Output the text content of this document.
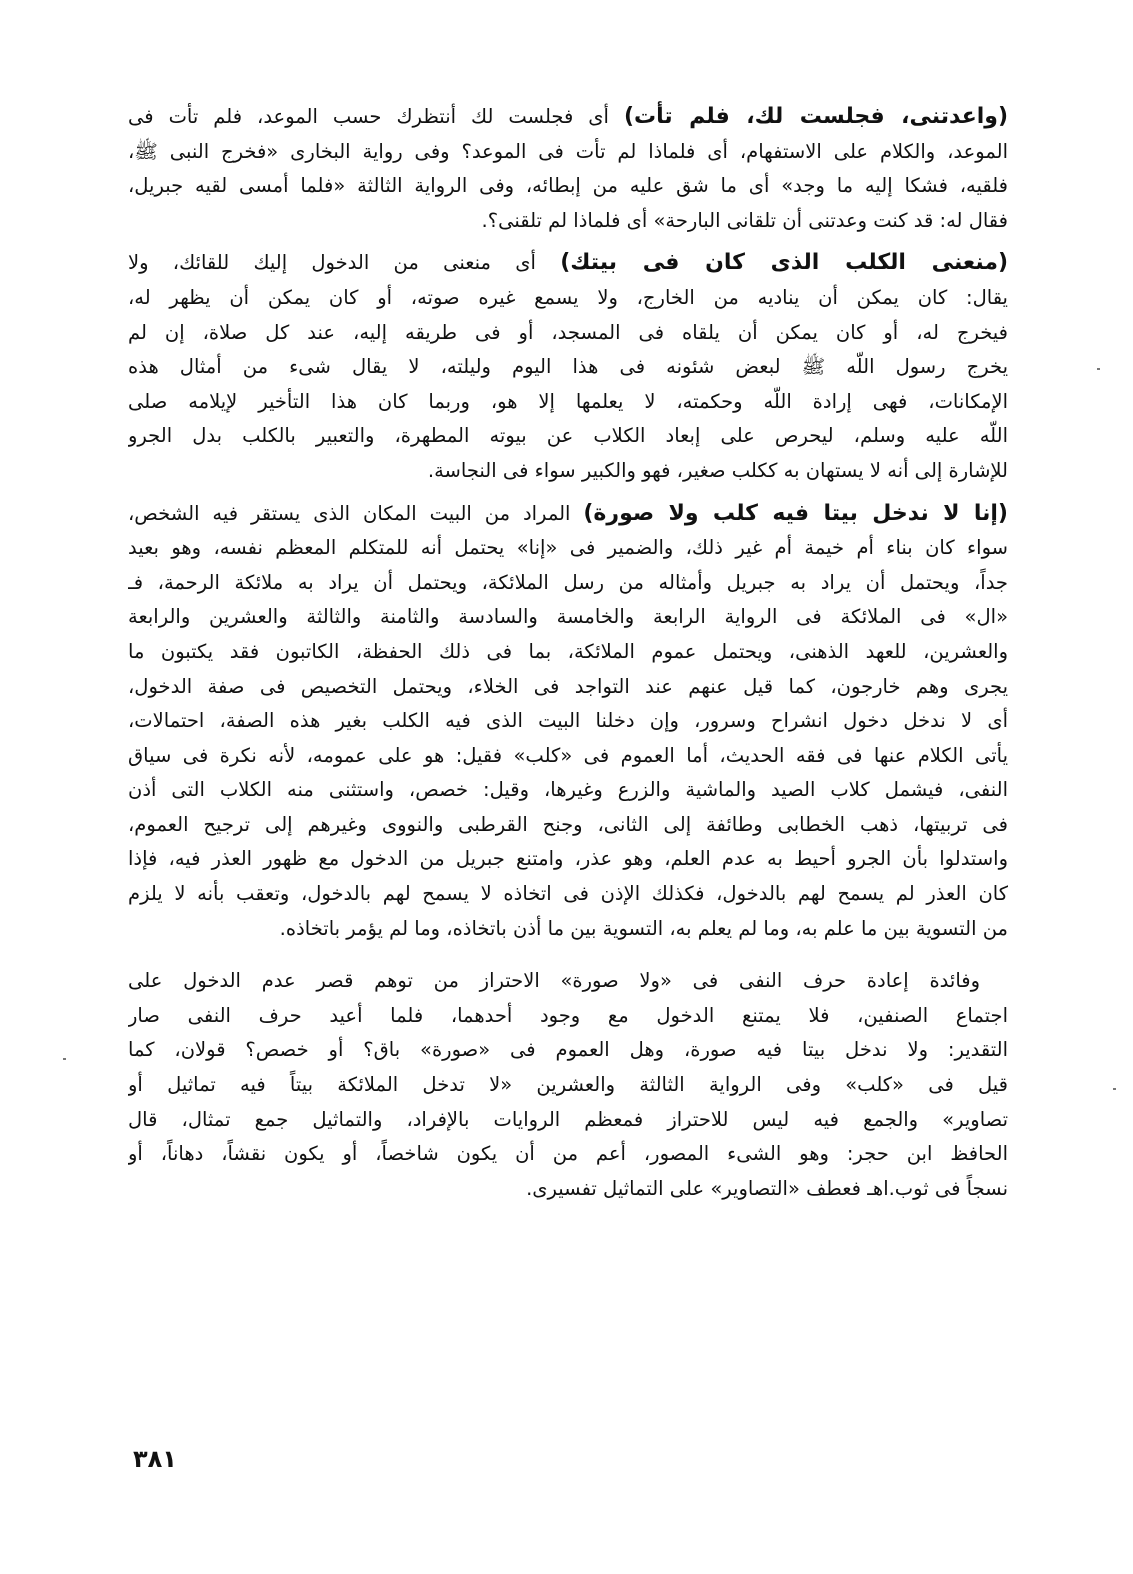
(واعدتنى، فجلست لك، فلم تأت) أى فجلست لك أنتظرك حسب الموعد، فلم تأت فى
الموعد، والكلام على الاستفهام، أى فلماذا لم تأت فى الموعد؟ وفى رواية البخارى «فخرج النبى ﷺ،
فلقيه، فشكا إليه ما وجد» أى ما شق عليه من إبطائه، وفى الرواية الثالثة «فلما أمسى لقيه جبريل،
فقال له: قد كنت وعدتنى أن تلقانى البارحة» أى فلماذا لم تلقنى؟.
(منعنى الكلب الذى كان فى بيتك) أى منعنى من الدخول إليك للقائك، ولا
يقال: كان يمكن أن يناديه من الخارج، ولا يسمع غيره صوته، أو كان يمكن أن يظهر له،
فيخرج له، أو كان يمكن أن يلقاه فى المسجد، أو فى طريقه إليه، عند كل صلاة، إن لم
يخرج رسول اللّه ﷺ لبعض شئونه فى هذا اليوم وليلته، لا يقال شىء من أمثال هذه
الإمكانات، فهى إرادة اللّه وحكمته، لا يعلمها إلا هو، وربما كان هذا التأخير لإيلامه صلى
اللّه عليه وسلم، ليحرص على إبعاد الكلاب عن بيوته المطهرة، والتعبير بالكلب بدل الجرو
للإشارة إلى أنه لا يستهان به ككلب صغير، فهو والكبير سواء فى النجاسة.
(إنا لا ندخل بيتا فيه كلب ولا صورة) المراد من البيت المكان الذى يستقر فيه الشخص،
سواء كان بناء أم خيمة أم غير ذلك، والضمير فى «إنا» يحتمل أنه للمتكلم المعظم نفسه، وهو بعيد
جداً، ويحتمل أن يراد به جبريل وأمثاله من رسل الملائكة، ويحتمل أن يراد به ملائكة الرحمة، فـ
«ال» فى الملائكة فى الرواية الرابعة والخامسة والسادسة والثامنة والثالثة والعشرين والرابعة
والعشرين، للعهد الذهنى، ويحتمل عموم الملائكة، بما فى ذلك الحفظة، الكاتبون فقد يكتبون ما
يجرى وهم خارجون، كما قيل عنهم عند التواجد فى الخلاء، ويحتمل التخصيص فى صفة الدخول،
أى لا ندخل دخول انشراح وسرور، وإن دخلنا البيت الذى فيه الكلب بغير هذه الصفة، احتمالات،
يأتى الكلام عنها فى فقه الحديث، أما العموم فى «كلب» فقيل: هو على عمومه، لأنه نكرة فى سياق
النفى، فيشمل كلاب الصيد والماشية والزرع وغيرها، وقيل: خصص، واستثنى منه الكلاب التى أذن
فى تربيتها، ذهب الخطابى وطائفة إلى الثانى، وجنح القرطبى والنووى وغيرهم إلى ترجيح العموم،
واستدلوا بأن الجرو أحيط به عدم العلم، وهو عذر، وامتنع جبريل من الدخول مع ظهور العذر فيه، فإذا
كان العذر لم يسمح لهم بالدخول، فكذلك الإذن فى اتخاذه لا يسمح لهم بالدخول، وتعقب بأنه لا يلزم
من التسوية بين ما علم به، وما لم يعلم به، التسوية بين ما أذن باتخاذه، وما لم يؤمر باتخاذه.
وفائدة إعادة حرف النفى فى «ولا صورة» الاحتراز من توهم قصر عدم الدخول على
اجتماع الصنفين، فلا يمتنع الدخول مع وجود أحدهما، فلما أعيد حرف النفى صار
التقدير: ولا ندخل بيتا فيه صورة، وهل العموم فى «صورة» باق؟ أو خصص؟ قولان، كما
قيل فى «كلب» وفى الرواية الثالثة والعشرين «لا تدخل الملائكة بيتاً فيه تماثيل أو
تصاوير» والجمع فيه ليس للاحتراز فمعظم الروايات بالإفراد، والتماثيل جمع تمثال، قال
الحافظ ابن حجر: وهو الشىء المصور، أعم من أن يكون شاخصاً، أو يكون نقشاً، دهاناً، أو
نسجاً فى ثوب.اهـ فعطف «التصاوير» على التماثيل تفسيرى.
٣٨١
